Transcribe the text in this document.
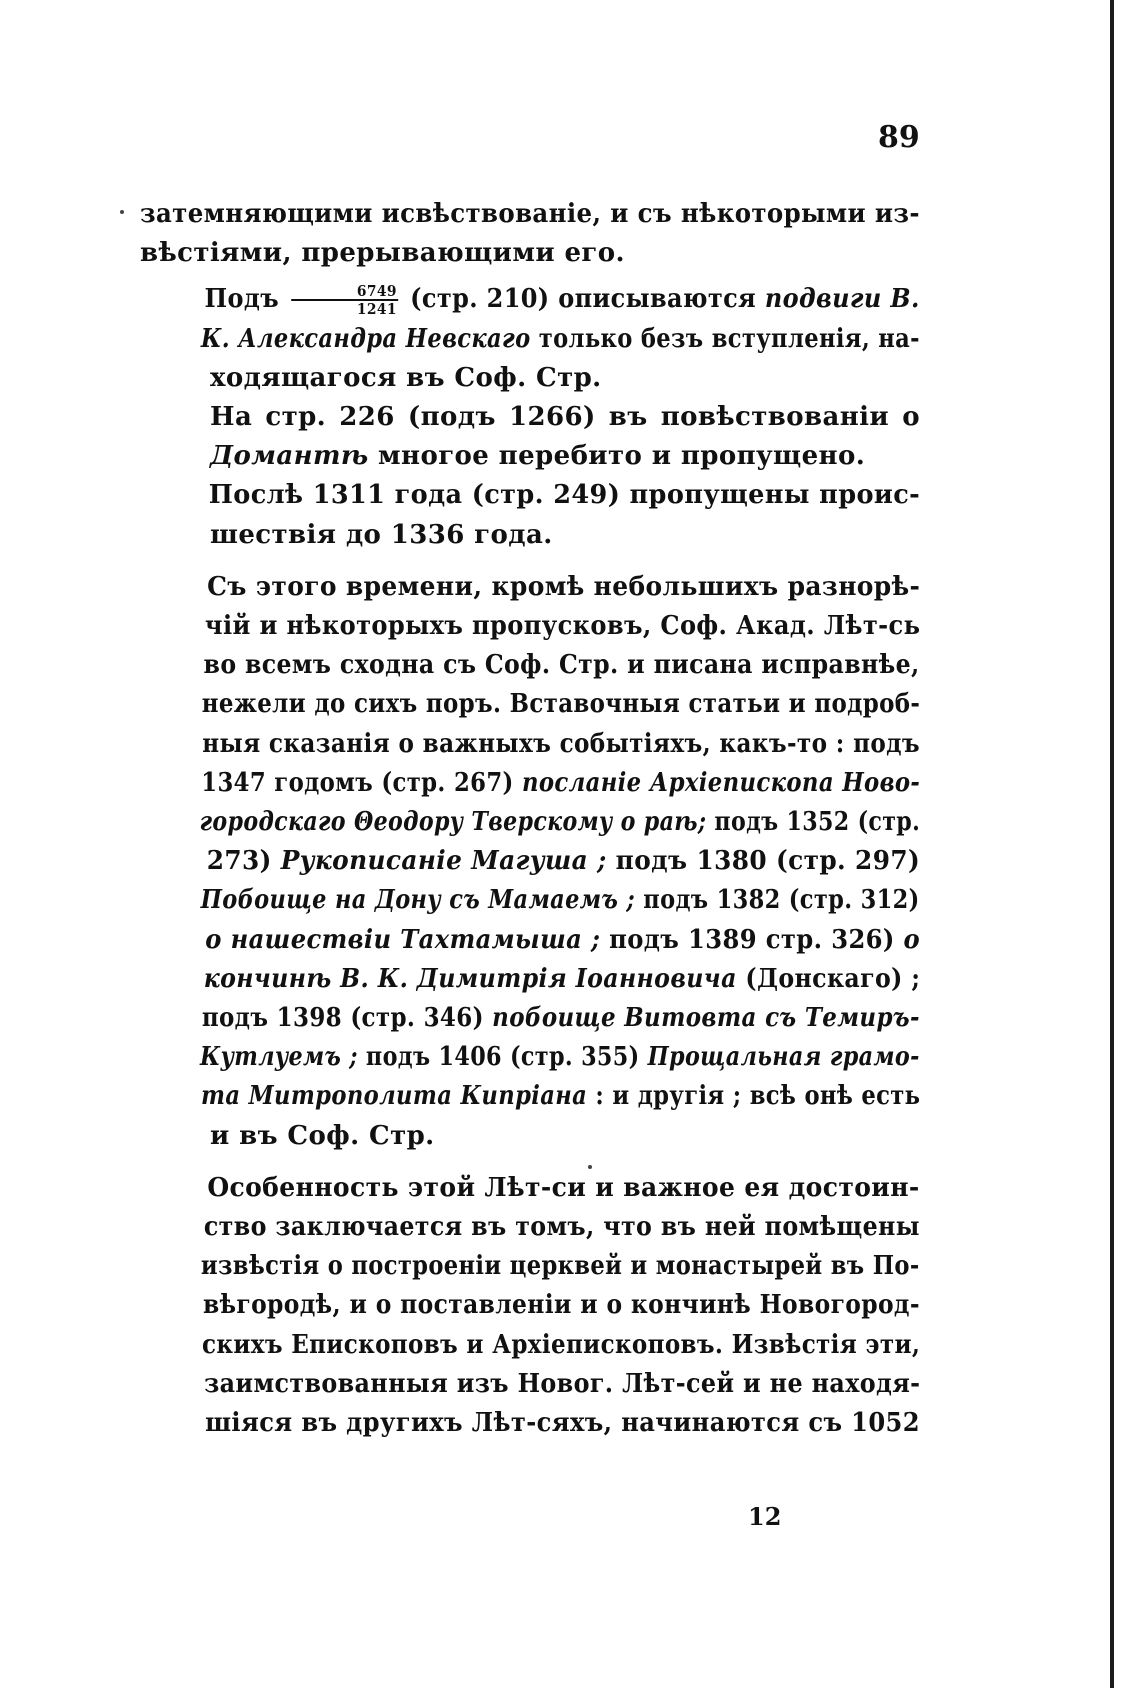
89

затемняющими исвѣствованіе, и съ нѣкоторыми из-
вѣстіями, прерывающими его.

Подъ $\frac{6749}{1241} (стр$. 210) описываются подвиги В.
К. Александра Невскаго только безъ вступленія, на-
ходящагося въ Соф. Стр.

На стр. 226 (подъ 1266) въ повѣствованіи о
Домантѣ многое перебито и пропущено.

Послѣ 1311 года (стр. 249) пропущены проис-
шествія до 1336 года.

Съ этого времени, кромѣ небольшихъ разнорѣ-
чій и нѣкоторыхъ пропусковъ, Соф. Акад. Лѣт-сь
во всемъ сходна съ Соф. Стр. и писана исправнѣе,
нежели до сихъ поръ. Вставочныя статьи и подроб-
ныя сказанія о важныхъ событіяхъ, какъ-то : подъ
1347 годомъ (стр. 267) посланіе Архіепископа Ново-
городскаго Θеодору Тверскому о раѣ; подъ 1352 (стр.
273) Рукописаніе Магуша ; подъ 1380 (стр. 297)
Побоище на Дону съ Мамаемъ ; подъ 1382 (стр. 312)
о нашествіи Тахтамыша ; подъ 1389 стр. 326) о
кончинѣ В. К. Димитрія Іоанновича (Донскаго) ;
подъ 1398 (стр. 346) побоище Витовта съ Темиръ-
Кутлуемъ ; подъ 1406 (стр. 355) Прощальная грамо-
та Митрополита Кипріана : и другія ; всѣ онѣ есть
и въ Соф. Стр.

Особенность этой Лѣт-си и важное ея достоин-
ство заключается въ томъ, что въ ней помѣщены
извѣстія о построеніи церквей и монастырей въ По-
вѣгородѣ, и о поставленіи и о кончинѣ Новогород-
скихъ Епископовъ и Архіепископовъ. Извѣстія эти,
заимствованныя изъ Новог. Лѣт-сей и не находя-
шіяся въ другихъ Лѣт-сяхъ, начинаются съ 1052

12
